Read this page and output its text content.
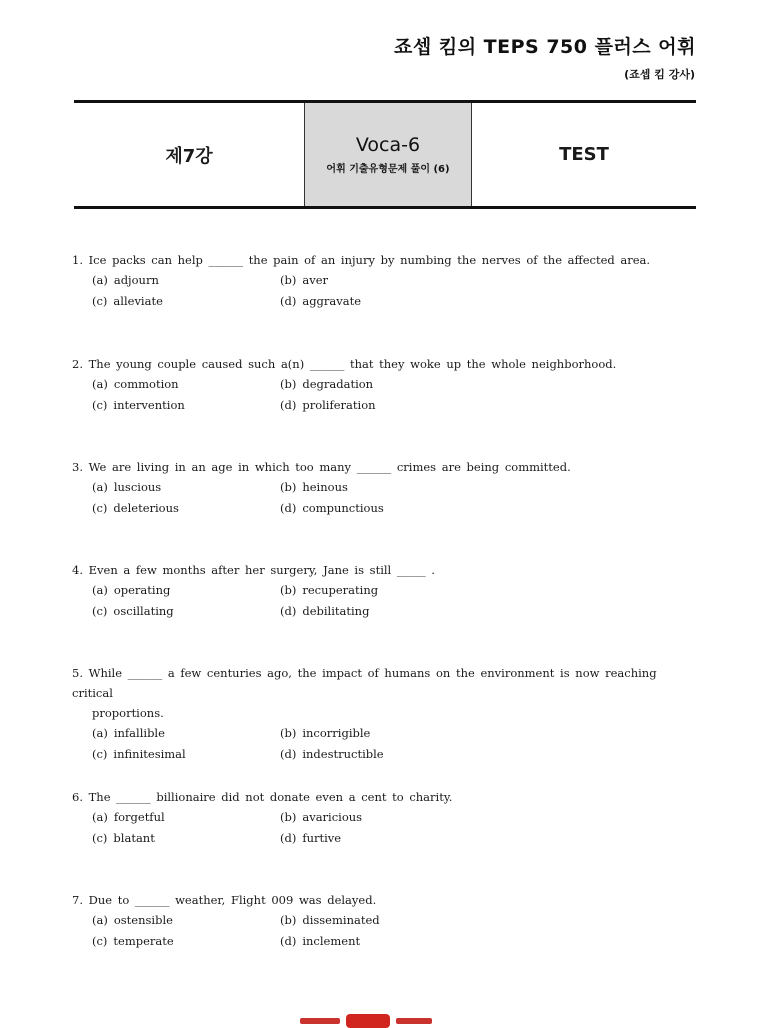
죠셉 킴의 TEPS 750 플러스 어휘
(죠셉 킴 강사)
제7강	Voca-6
어휘 기출유형문제 풀이 (6)
TEST
1. Ice packs can help ______ the pain of an injury by numbing the nerves of the affected area.
(a) adjourn	(b) aver
(c) alleviate	(d) aggravate
2. The young couple caused such a(n) ______ that they woke up the whole neighborhood.
(a) commotion	(b) degradation
(c) intervention	(d) proliferation
3. We are living in an age in which too many ______ crimes are being committed.
(a) luscious	(b) heinous
(c) deleterious	(d) compunctious
4. Even a few months after her surgery, Jane is still _____ .
(a) operating	(b) recuperating
(c) oscillating	(d) debilitating
5. While ______ a few centuries ago, the impact of humans on the environment is now reaching critical
proportions.
(a) infallible	(b) incorrigible
(c) infinitesimal	(d) indestructible
6. The ______ billionaire did not donate even a cent to charity.
(a) forgetful	(b) avaricious
(c) blatant	(d) furtive
7. Due to ______ weather, Flight 009 was delayed.
(a) ostensible	(b) disseminated
(c) temperate	(d) inclement
